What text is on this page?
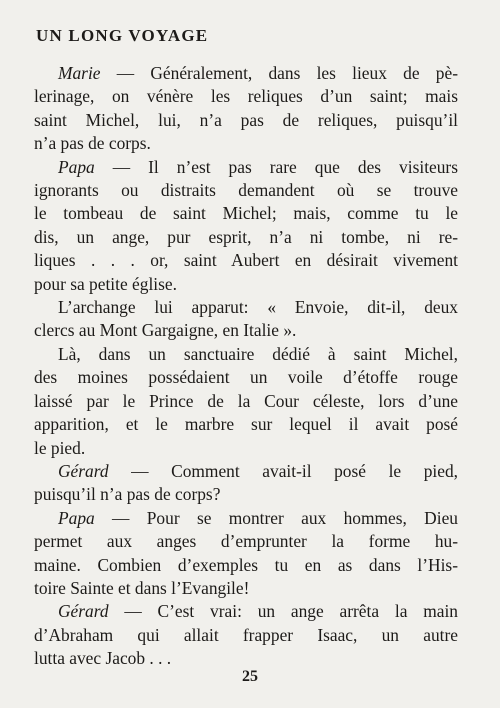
UN LONG VOYAGE
Marie — Généralement, dans les lieux de pè-
lerinage, on vénère les reliques d’un saint; mais
saint Michel, lui, n’a pas de reliques, puisqu’il
n’a pas de corps.
Papa — Il n’est pas rare que des visiteurs
ignorants ou distraits demandent où se trouve
le tombeau de saint Michel; mais, comme tu le
dis, un ange, pur esprit, n’a ni tombe, ni re-
liques . . . or, saint Aubert en désirait vivement
pour sa petite église.
L’archange lui apparut: « Envoie, dit-il, deux
clercs au Mont Gargaigne, en Italie ».
Là, dans un sanctuaire dédié à saint Michel,
des moines possédaient un voile d’étoffe rouge
laissé par le Prince de la Cour céleste, lors d’une
apparition, et le marbre sur lequel il avait posé
le pied.
Gérard — Comment avait-il posé le pied,
puisqu’il n’a pas de corps?
Papa — Pour se montrer aux hommes, Dieu
permet aux anges d’emprunter la forme hu-
maine. Combien d’exemples tu en as dans l’His-
toire Sainte et dans l’Evangile!
Gérard — C’est vrai: un ange arrêta la main
d’Abraham qui allait frapper Isaac, un autre
lutta avec Jacob . . .
25
